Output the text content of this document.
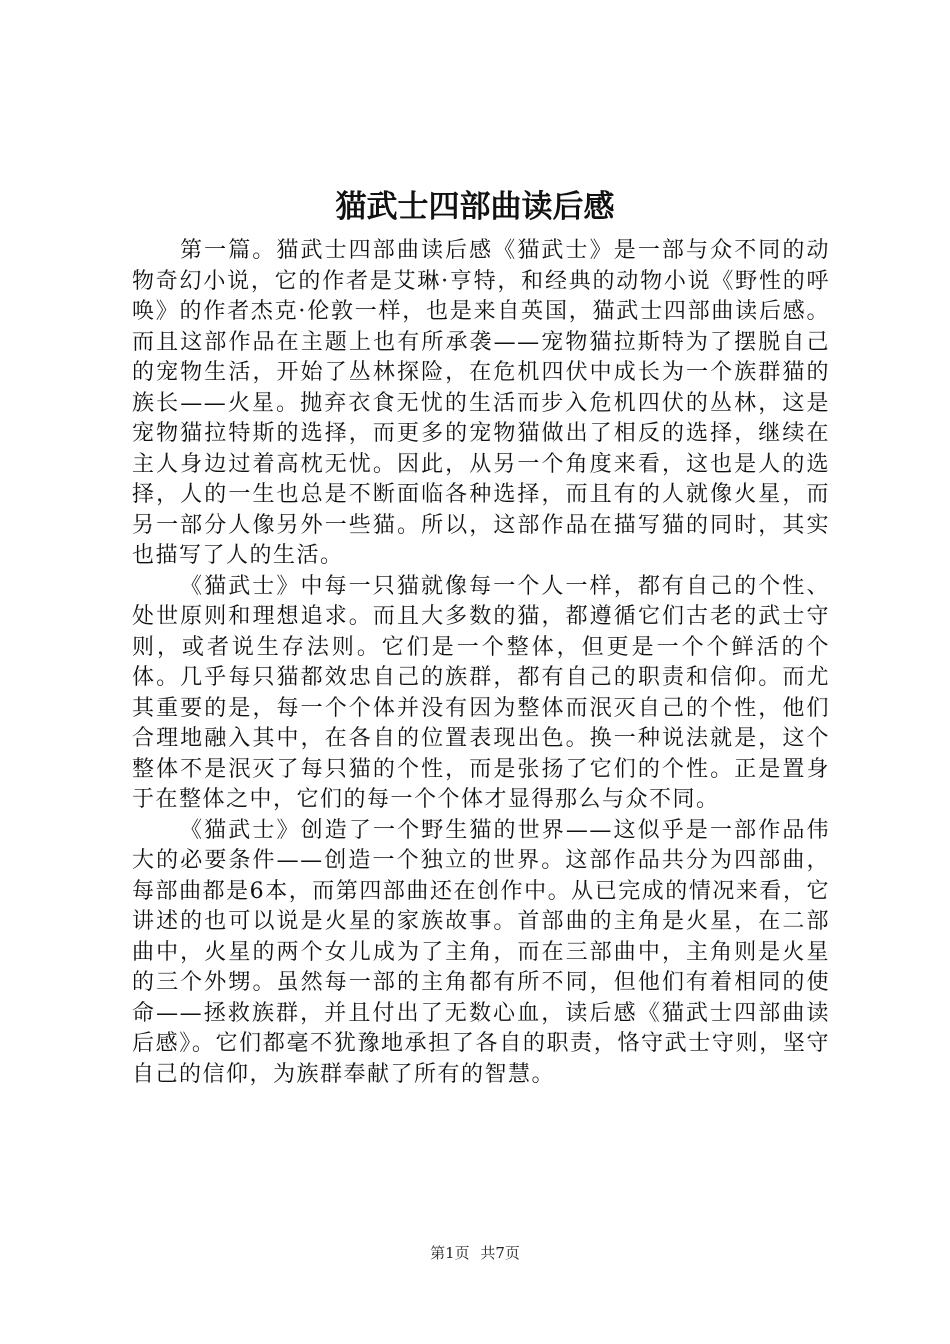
猫武士四部曲读后感

第一篇。猫武士四部曲读后感《猫武士》是一部与众不同的动物奇幻小说，它的作者是艾琳·亨特，和经典的动物小说《野性的呼唤》的作者杰克·伦敦一样，也是来自英国，猫武士四部曲读后感。而且这部作品在主题上也有所承袭——宠物猫拉斯特为了摆脱自己的宠物生活，开始了丛林探险，在危机四伏中成长为一个族群猫的族长——火星。抛弃衣食无忧的生活而步入危机四伏的丛林，这是宠物猫拉特斯的选择，而更多的宠物猫做出了相反的选择，继续在主人身边过着高枕无忧。因此，从另一个角度来看，这也是人的选择，人的一生也总是不断面临各种选择，而且有的人就像火星，而另一部分人像另外一些猫。所以，这部作品在描写猫的同时，其实也描写了人的生活。

《猫武士》中每一只猫就像每一个人一样，都有自己的个性、处世原则和理想追求。而且大多数的猫，都遵循它们古老的武士守则，或者说生存法则。它们是一个整体，但更是一个个鲜活的个体。几乎每只猫都效忠自己的族群，都有自己的职责和信仰。而尤其重要的是，每一个个体并没有因为整体而泯灭自己的个性，他们合理地融入其中，在各自的位置表现出色。换一种说法就是，这个整体不是泯灭了每只猫的个性，而是张扬了它们的个性。正是置身于在整体之中，它们的每一个个体才显得那么与众不同。

《猫武士》创造了一个野生猫的世界——这似乎是一部作品伟大的必要条件——创造一个独立的世界。这部作品共分为四部曲，每部曲都是6本，而第四部曲还在创作中。从已完成的情况来看，它讲述的也可以说是火星的家族故事。首部曲的主角是火星，在二部曲中，火星的两个女儿成为了主角，而在三部曲中，主角则是火星的三个外甥。虽然每一部的主角都有所不同，但他们有着相同的使命——拯救族群，并且付出了无数心血，读后感《猫武士四部曲读后感》。它们都毫不犹豫地承担了各自的职责，恪守武士守则，坚守自己的信仰，为族群奉献了所有的智慧。

第1页 共7页
